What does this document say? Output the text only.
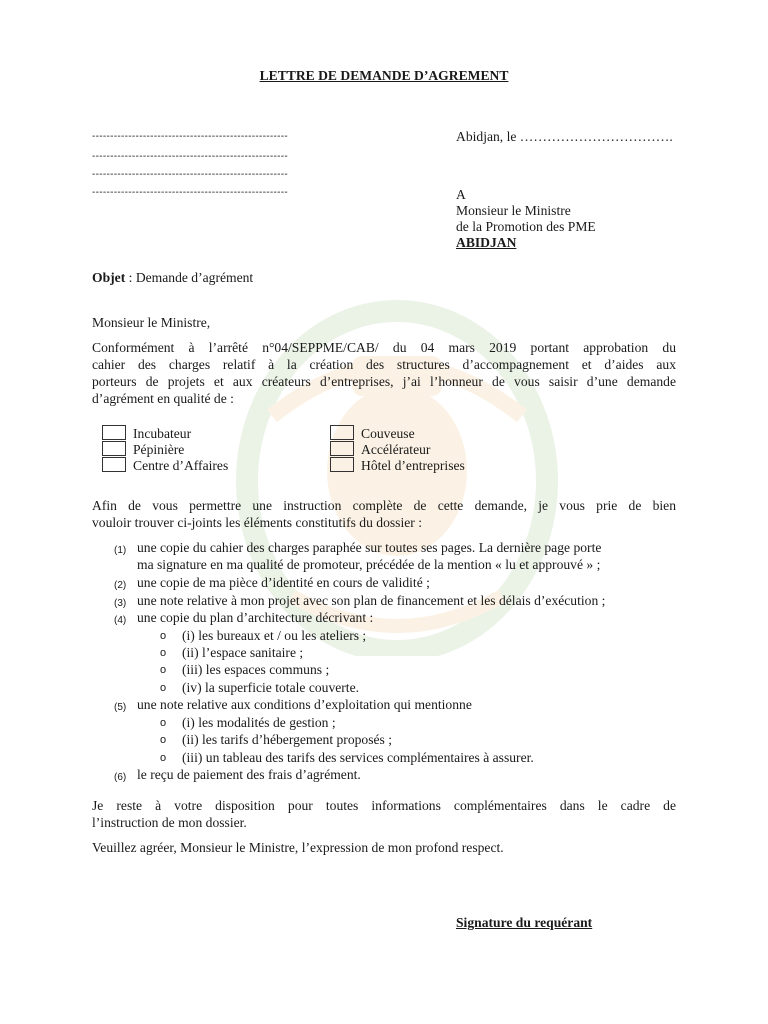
LETTRE DE DEMANDE D’AGREMENT
------------------------------------------------------
------------------------------------------------------
------------------------------------------------------
------------------------------------------------------
Abidjan, le …………………………….
A
Monsieur le Ministre
de la Promotion des PME
ABIDJAN
Objet : Demande d’agrément
Monsieur le Ministre,
Conformément à l’arrêté n°04/SEPPME/CAB/ du 04 mars 2019 portant approbation du
cahier des charges relatif à la création des structures d’accompagnement et d’aides aux
porteurs de projets et aux créateurs d’entreprises, j’ai l’honneur de vous saisir d’une demande
d’agrément en qualité de :
Incubateur
Pépinière
Centre d’Affaires
Couveuse
Accélérateur
Hôtel d’entreprises
Afin de vous permettre une instruction complète de cette demande, je vous prie de bien
vouloir trouver ci-joints les éléments constitutifs du dossier :
(1) une copie du cahier des charges paraphée sur toutes ses pages. La dernière page porte
ma signature en ma qualité de promoteur, précédée de la mention « lu et approuvé » ;
(2) une copie de ma pièce d’identité en cours de validité ;
(3) une note relative à mon projet avec son plan de financement et les délais d’exécution ;
(4) une copie du plan d’architecture décrivant :
o (i) les bureaux et / ou les ateliers ;
o (ii) l’espace sanitaire ;
o (iii) les espaces communs ;
o (iv) la superficie totale couverte.
(5) une note relative aux conditions d’exploitation qui mentionne
o (i) les modalités de gestion ;
o (ii) les tarifs d’hébergement proposés ;
o (iii) un tableau des tarifs des services complémentaires à assurer.
(6) le reçu de paiement des frais d’agrément.
Je reste à votre disposition pour toutes informations complémentaires dans le cadre de
l’instruction de mon dossier.
Veuillez agréer, Monsieur le Ministre, l’expression de mon profond respect.
Signature du requérant
